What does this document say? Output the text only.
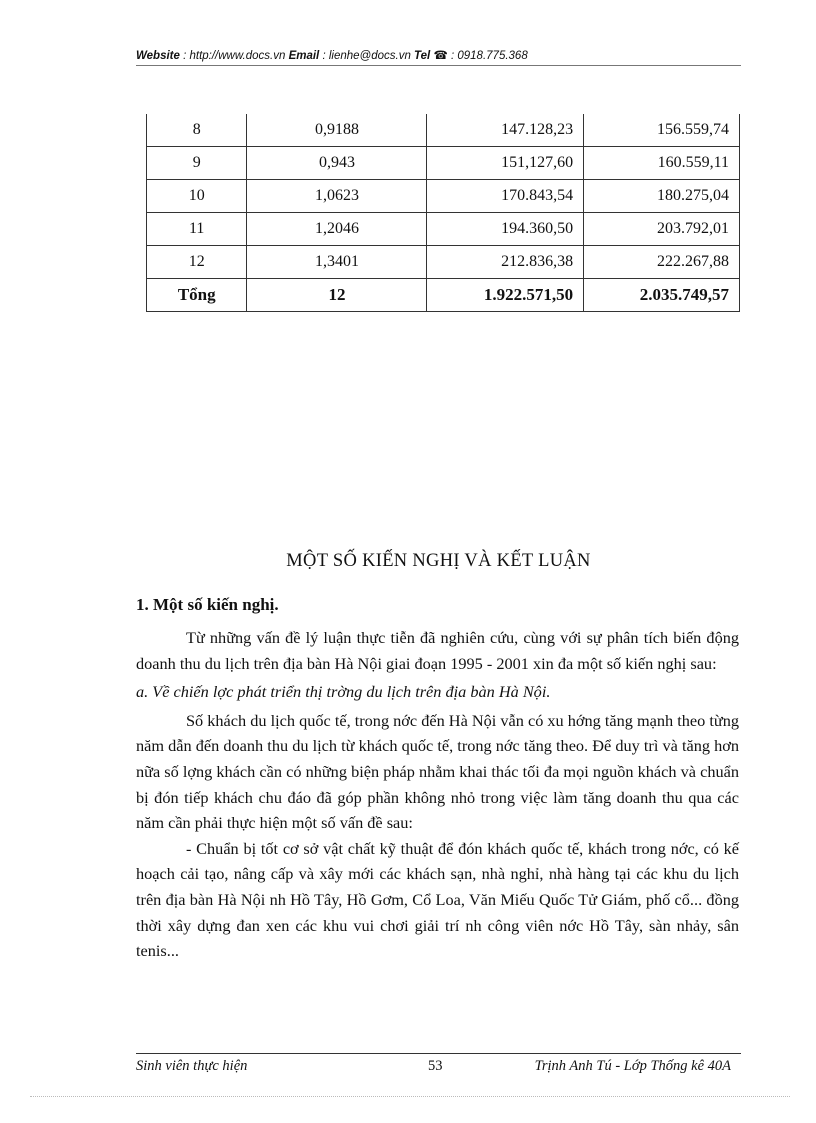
Website : http://www.docs.vn Email : lienhe@docs.vn Tel ☎ : 0918.775.368
8	0,9188	147.128,23	156.559,74
9	0,943	151,127,60	160.559,11
10	1,0623	170.843,54	180.275,04
11	1,2046	194.360,50	203.792,01
12	1,3401	212.836,38	222.267,88
Tổng	12	1.922.571,50	2.035.749,57
MỘT SỐ KIẾN NGHỊ VÀ KẾT LUẬN
1. Một số kiến nghị.

Từ những vấn đề lý luận thực tiễn đã nghiên cứu, cùng với sự phân tích biến động doanh thu du lịch trên địa bàn Hà Nội giai đoạn 1995 - 2001 xin đa một số kiến nghị sau:

a. Về chiến lợc phát triển thị trờng du lịch trên địa bàn Hà Nội.

Số khách du lịch quốc tế, trong nớc đến Hà Nội vẫn có xu hớng tăng mạnh theo từng năm dẫn đến doanh thu du lịch từ khách quốc tế, trong nớc tăng theo. Để duy trì và tăng hơn nữa số lợng khách cần có những biện pháp nhằm khai thác tối đa mọi nguồn khách và chuẩn bị đón tiếp khách chu đáo đã góp phần không nhỏ trong việc làm tăng doanh thu qua các năm cần phải thực hiện một số vấn đề sau:

- Chuẩn bị tốt cơ sở vật chất kỹ thuật để đón khách quốc tế, khách trong nớc, có kế hoạch cải tạo, nâng cấp và xây mới các khách sạn, nhà nghỉ, nhà hàng tại các khu du lịch trên địa bàn Hà Nội nh Hồ Tây, Hồ Gơm, Cổ Loa, Văn Miếu Quốc Tử Giám, phố cổ... đồng thời xây dựng đan xen các khu vui chơi giải trí nh công viên nớc Hồ Tây, sàn nhảy, sân tenis...

Sinh viên thực hiện	53	Trịnh Anh Tú - Lớp Thống kê 40A
